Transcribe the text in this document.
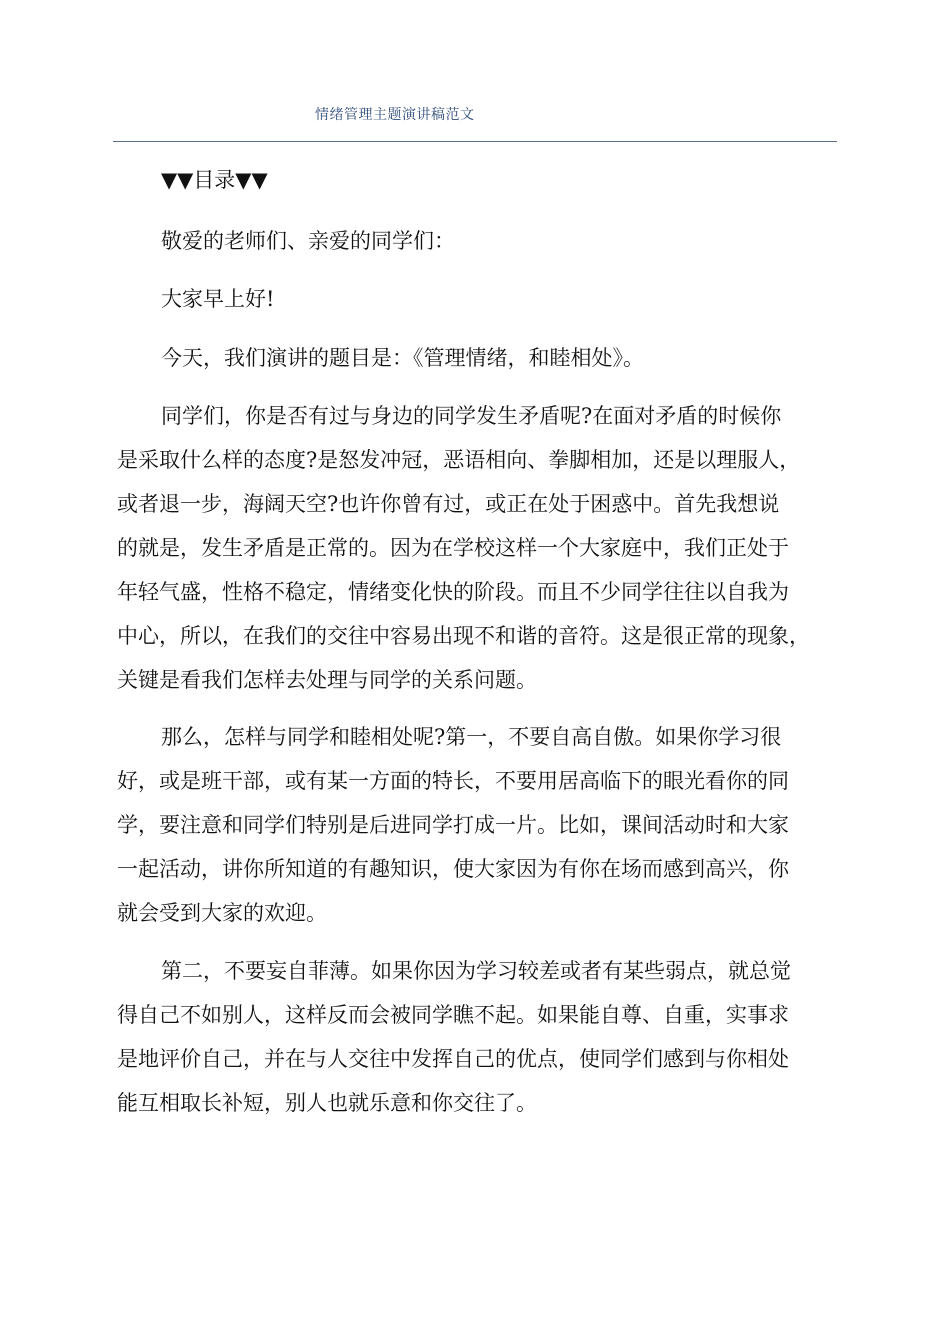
情绪管理主题演讲稿范文
▼▼目录▼▼
敬爱的老师们、亲爱的同学们：
大家早上好!
今天，我们演讲的题目是：《管理情绪，和睦相处》。
同学们，你是否有过与身边的同学发生矛盾呢?在面对矛盾的时候你
是采取什么样的态度?是怒发冲冠，恶语相向、拳脚相加，还是以理服人，
或者退一步，海阔天空?也许你曾有过，或正在处于困惑中。首先我想说
的就是，发生矛盾是正常的。因为在学校这样一个大家庭中，我们正处于
年轻气盛，性格不稳定，情绪变化快的阶段。而且不少同学往往以自我为
中心，所以，在我们的交往中容易出现不和谐的音符。这是很正常的现象，
关键是看我们怎样去处理与同学的关系问题。
那么，怎样与同学和睦相处呢?第一，不要自高自傲。如果你学习很
好，或是班干部，或有某一方面的特长，不要用居高临下的眼光看你的同
学，要注意和同学们特别是后进同学打成一片。比如，课间活动时和大家
一起活动，讲你所知道的有趣知识，使大家因为有你在场而感到高兴，你
就会受到大家的欢迎。
第二，不要妄自菲薄。如果你因为学习较差或者有某些弱点，就总觉
得自己不如别人，这样反而会被同学瞧不起。如果能自尊、自重，实事求
是地评价自己，并在与人交往中发挥自己的优点，使同学们感到与你相处
能互相取长补短，别人也就乐意和你交往了。
